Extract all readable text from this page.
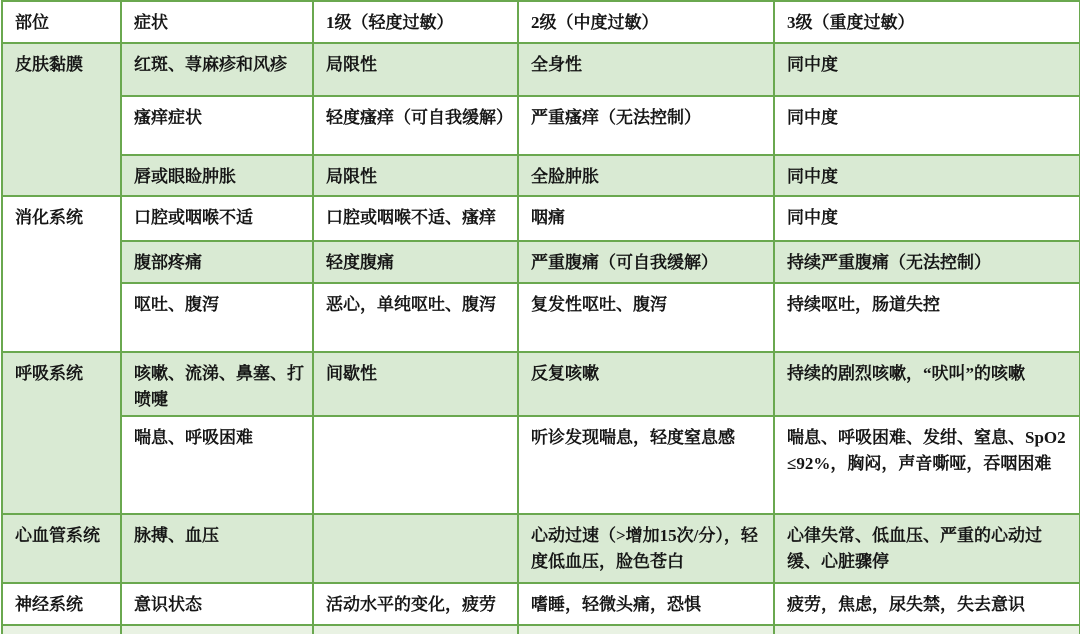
部位	症状	1级（轻度过敏）	2级（中度过敏）	3级（重度过敏）
皮肤黏膜	红斑、荨麻疹和风疹	局限性	全身性	同中度
	瘙痒症状	轻度瘙痒（可自我缓解）	严重瘙痒（无法控制）	同中度
	唇或眼睑肿胀	局限性	全脸肿胀	同中度
消化系统	口腔或咽喉不适	口腔或咽喉不适、瘙痒	咽痛	同中度
	腹部疼痛	轻度腹痛	严重腹痛（可自我缓解）	持续严重腹痛（无法控制）
	呕吐、腹泻	恶心，单纯呕吐、腹泻	复发性呕吐、腹泻	持续呕吐，肠道失控
呼吸系统	咳嗽、流涕、鼻塞、打喷嚏	间歇性	反复咳嗽	持续的剧烈咳嗽，“吠叫”的咳嗽
	喘息、呼吸困难		听诊发现喘息，轻度窒息感	喘息、呼吸困难、发绀、窒息、SpO2 ≤92%，胸闷，声音嘶哑，吞咽困难
心血管系统	脉搏、血压		心动过速（>增加15次/分），轻度低血压，脸色苍白	心律失常、低血压、严重的心动过缓、心脏骤停
神经系统	意识状态	活动水平的变化，疲劳	嗜睡，轻微头痛，恐惧	疲劳，焦虑，尿失禁，失去意识
